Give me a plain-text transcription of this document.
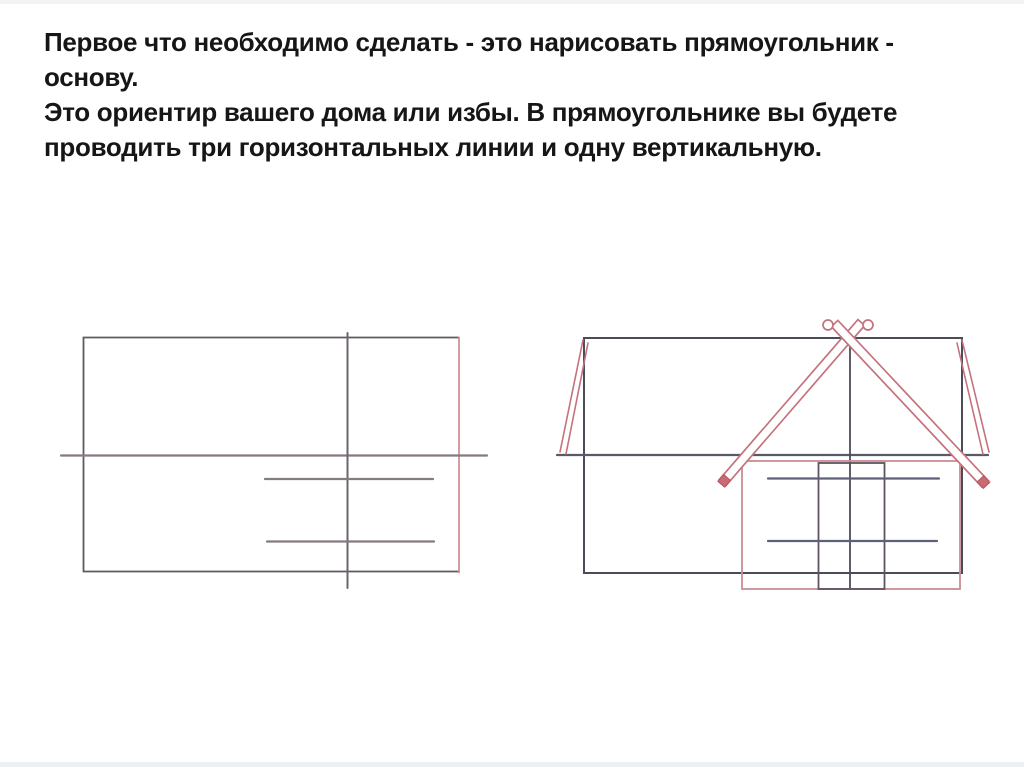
Первое что необходимо сделать - это нарисовать прямоугольник - основу.
Это ориентир вашего дома или избы. В прямоугольнике вы будете
проводить три горизонтальных линии и одну вертикальную.
